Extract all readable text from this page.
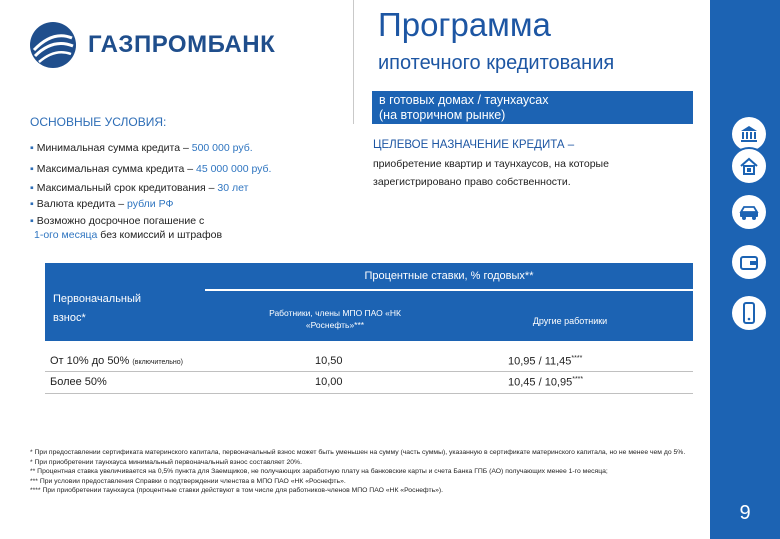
ГАЗПРОМБАНК
Программа
ипотечного кредитования
в готовых домах / таунхаусах
(на вторичном рынке)
9
ОСНОВНЫЕ УСЛОВИЯ:
▪ Минимальная сумма кредита – 500 000 руб.
▪ Максимальная сумма кредита – 45 000 000 руб.
▪ Максимальный срок кредитования – 30 лет
▪ Валюта кредита – рубли РФ
▪ Возможно досрочное погашение с
1-ого месяца без комиссий и штрафов
ЦЕЛЕВОЕ НАЗНАЧЕНИЕ КРЕДИТА –
приобретение квартир и таунхаусов, на которые зарегистрировано право собственности.
Первоначальный
взнос*
Процентные ставки, % годовых**
Работники, члены МПО ПАО «НК «Роснефть»***	Другие работники
От 10% до 50% (включительно)	10,50	10,95 / 11,45****
Более 50%	10,00	10,45 / 10,95****

* При предоставлении сертификата материнского капитала, первоначальный взнос может быть уменьшен на сумму (часть суммы), указанную в сертификате материнского капитала, но не менее чем до 5%.

* При приобретении таунхауса минимальный первоначальный взнос составляет 20%.

** Процентная ставка увеличивается на 0,5% пункта для Заемщиков, не получающих заработную плату на банковские карты и счета Банка ГПБ (АО) получающих менее 1-го месяца;

*** При условии предоставления Справки о подтверждении членства в МПО ПАО «НК «Роснефть».

**** При приобретении таунхауса (процентные ставки действуют в том числе для работников-членов МПО ПАО «НК «Роснефть»).
